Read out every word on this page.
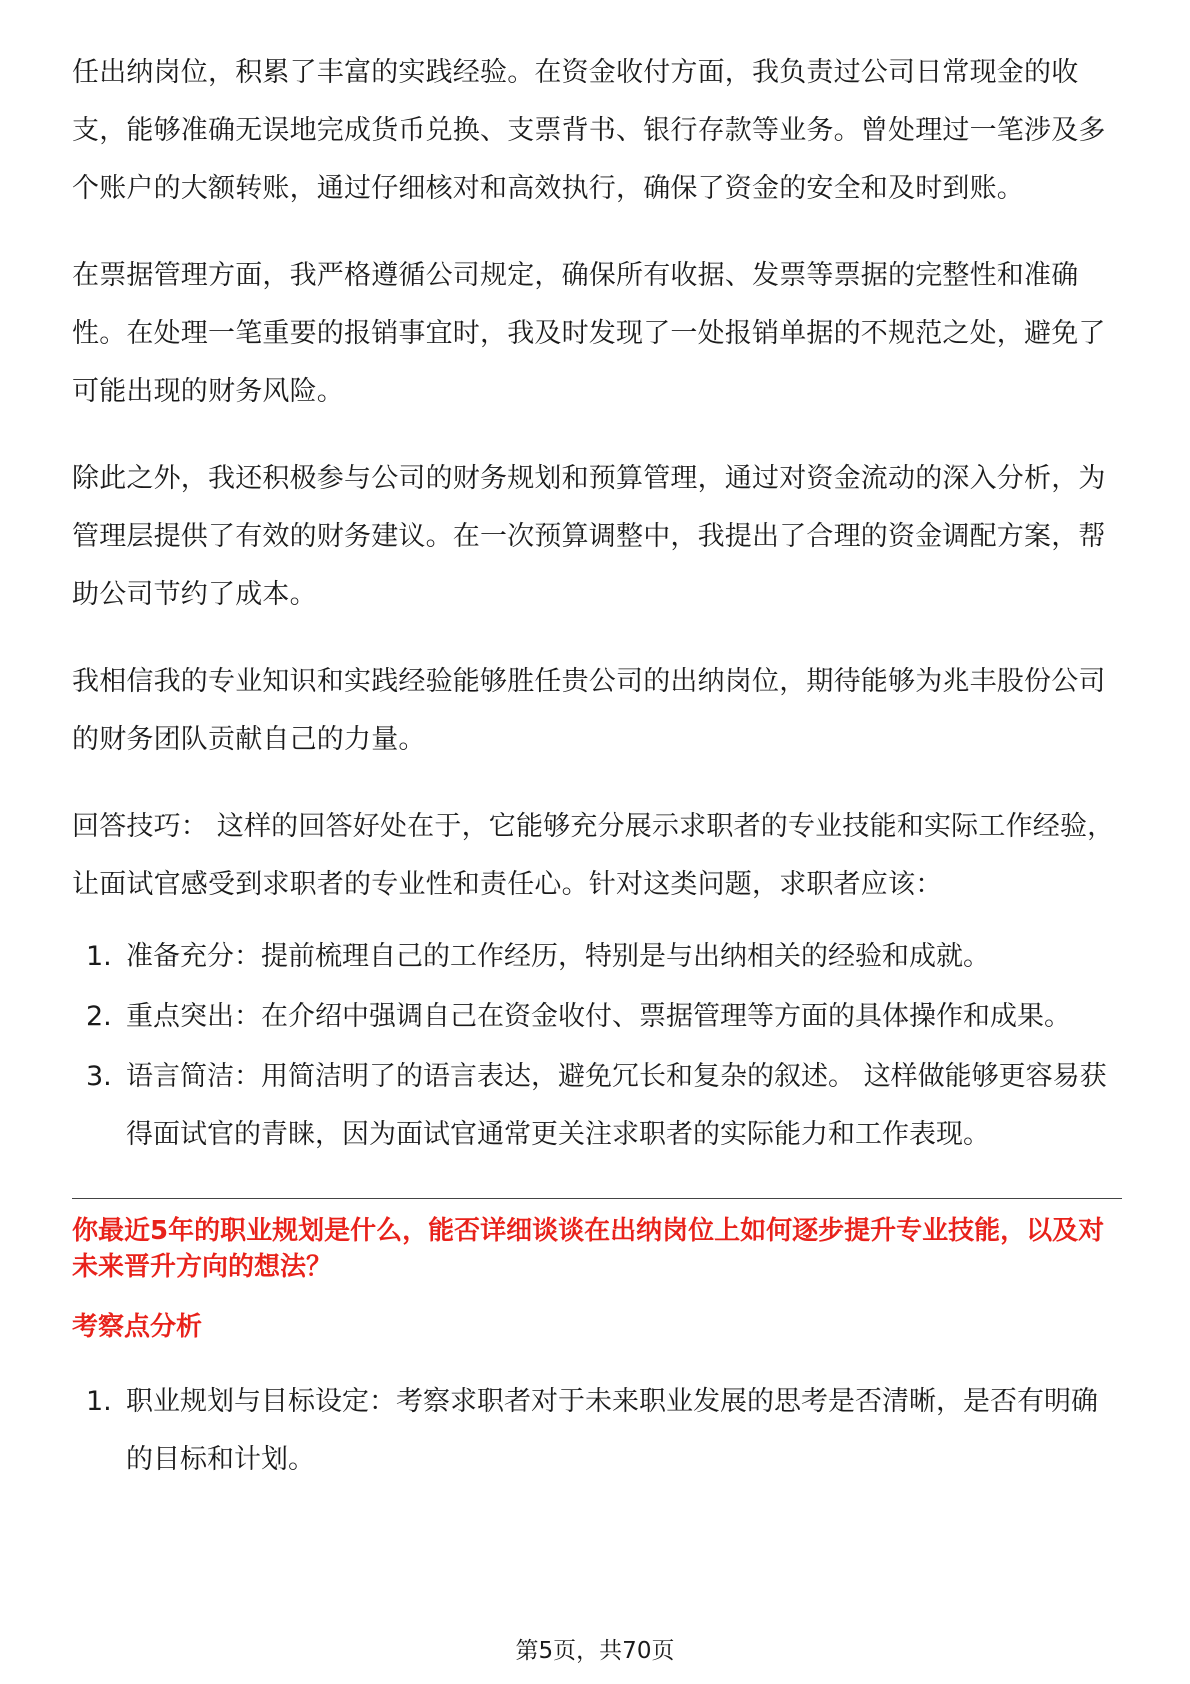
任出纳岗位，积累了丰富的实践经验。在资金收付方面，我负责过公司日常现金的收支，能够准确无误地完成货币兑换、支票背书、银行存款等业务。曾处理过一笔涉及多个账户的大额转账，通过仔细核对和高效执行，确保了资金的安全和及时到账。

在票据管理方面，我严格遵循公司规定，确保所有收据、发票等票据的完整性和准确性。在处理一笔重要的报销事宜时，我及时发现了一处报销单据的不规范之处，避免了可能出现的财务风险。

除此之外，我还积极参与公司的财务规划和预算管理，通过对资金流动的深入分析，为管理层提供了有效的财务建议。在一次预算调整中，我提出了合理的资金调配方案，帮助公司节约了成本。

我相信我的专业知识和实践经验能够胜任贵公司的出纳岗位，期待能够为兆丰股份公司的财务团队贡献自己的力量。

回答技巧： 这样的回答好处在于，它能够充分展示求职者的专业技能和实际工作经验，让面试官感受到求职者的专业性和责任心。针对这类问题，求职者应该：

1. 准备充分：提前梳理自己的工作经历，特别是与出纳相关的经验和成就。
2. 重点突出：在介绍中强调自己在资金收付、票据管理等方面的具体操作和成果。
3. 语言简洁：用简洁明了的语言表达，避免冗长和复杂的叙述。 这样做能够更容易获得面试官的青睐，因为面试官通常更关注求职者的实际能力和工作表现。
你最近5年的职业规划是什么，能否详细谈谈在出纳岗位上如何逐步提升专业技能，以及对未来晋升方向的想法？
考察点分析
1. 职业规划与目标设定：考察求职者对于未来职业发展的思考是否清晰，是否有明确的目标和计划。
第5页，共70页
